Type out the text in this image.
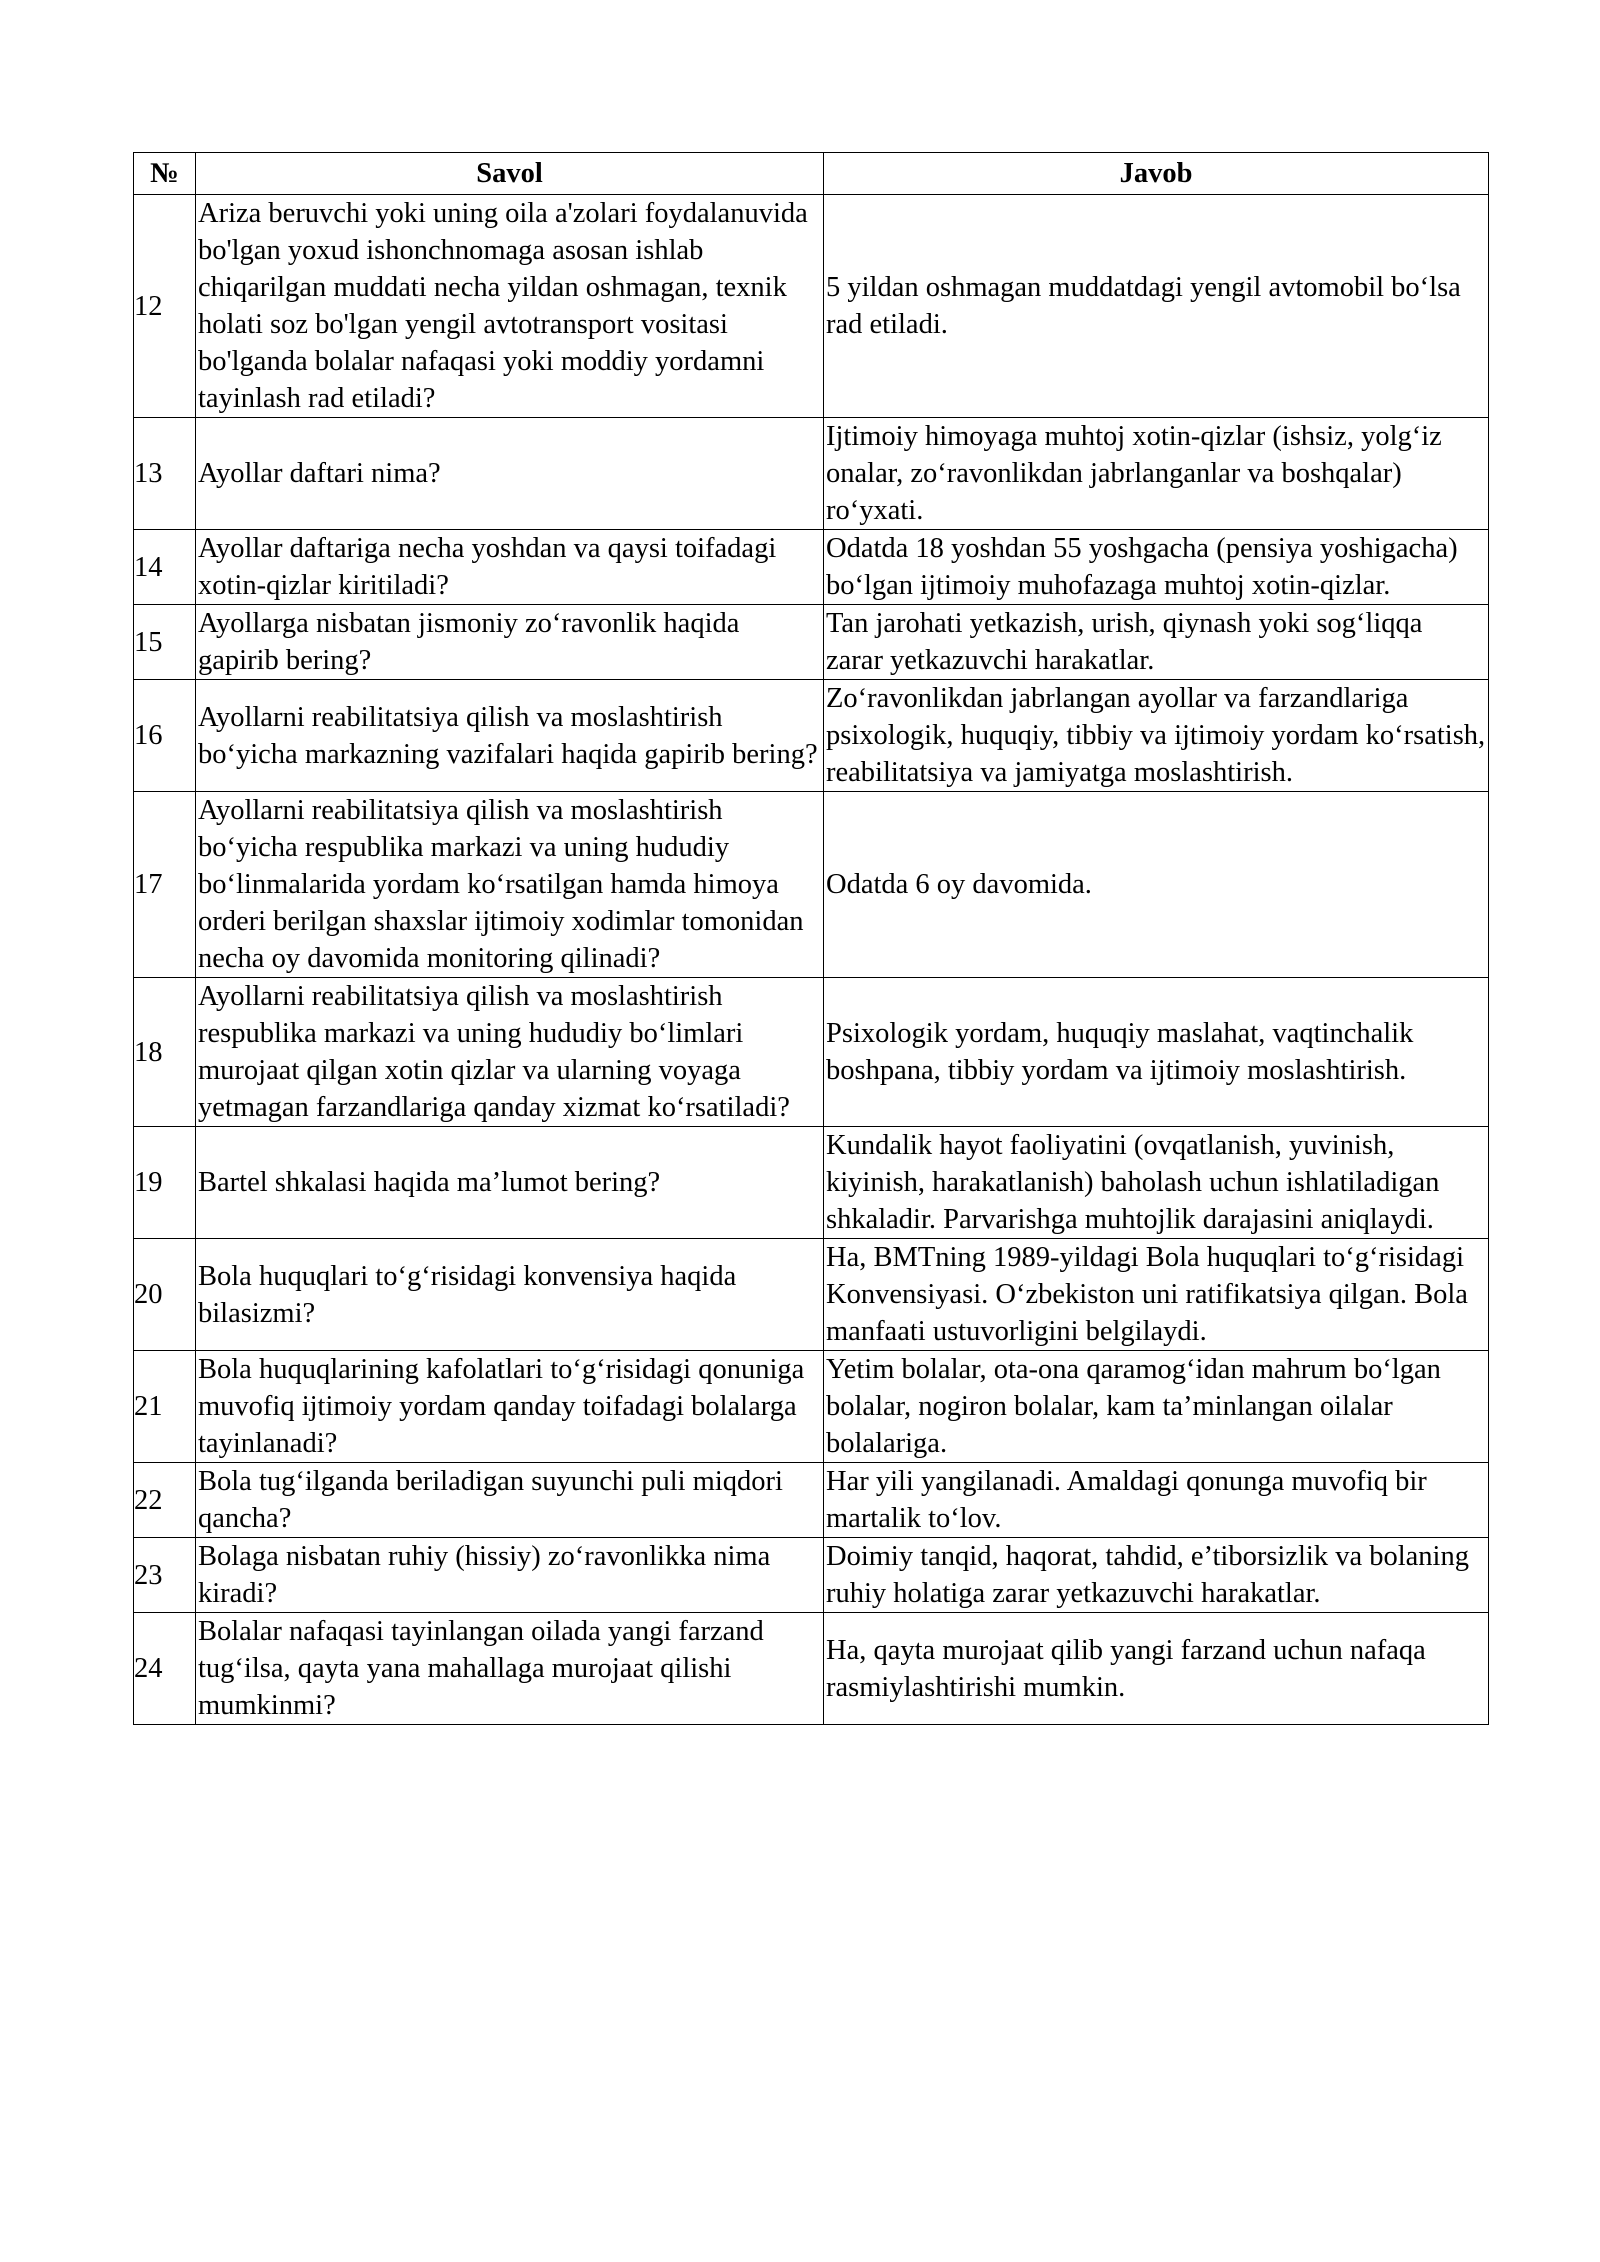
№	Savol	Javob
12	Ariza beruvchi yoki uning oila a'zolari foydalanuvida bo'lgan yoxud ishonchnomaga asosan ishlab chiqarilgan muddati necha yildan oshmagan, texnik holati soz bo'lgan yengil avtotransport vositasi bo'lganda bolalar nafaqasi yoki moddiy yordamni tayinlash rad etiladi?	5 yildan oshmagan muddatdagi yengil avtomobil bo‘lsa rad etiladi.
13	Ayollar daftari nima?	Ijtimoiy himoyaga muhtoj xotin-qizlar (ishsiz, yolg‘iz onalar, zo‘ravonlikdan jabrlanganlar va boshqalar) ro‘yxati.
14	Ayollar daftariga necha yoshdan va qaysi toifadagi xotin-qizlar kiritiladi?	Odatda 18 yoshdan 55 yoshgacha (pensiya yoshigacha) bo‘lgan ijtimoiy muhofazaga muhtoj xotin-qizlar.
15	Ayollarga nisbatan jismoniy zo‘ravonlik haqida gapirib bering?	Tan jarohati yetkazish, urish, qiynash yoki sog‘liqqa zarar yetkazuvchi harakatlar.
16	Ayollarni reabilitatsiya qilish va moslashtirish bo‘yicha markazning vazifalari haqida gapirib bering?	Zo‘ravonlikdan jabrlangan ayollar va farzandlariga psixologik, huquqiy, tibbiy va ijtimoiy yordam ko‘rsatish, reabilitatsiya va jamiyatga moslashtirish.
17	Ayollarni reabilitatsiya qilish va moslashtirish bo‘yicha respublika markazi va uning hududiy bo‘linmalarida yordam ko‘rsatilgan hamda himoya orderi berilgan shaxslar ijtimoiy xodimlar tomonidan necha oy davomida monitoring qilinadi?	Odatda 6 oy davomida.
18	Ayollarni reabilitatsiya qilish va moslashtirish respublika markazi va uning hududiy bo‘limlari murojaat qilgan xotin qizlar va ularning voyaga yetmagan farzandlariga qanday xizmat ko‘rsatiladi?	Psixologik yordam, huquqiy maslahat, vaqtinchalik boshpana, tibbiy yordam va ijtimoiy moslashtirish.
19	Bartel shkalasi haqida ma’lumot bering?	Kundalik hayot faoliyatini (ovqatlanish, yuvinish, kiyinish, harakatlanish) baholash uchun ishlatiladigan shkaladir. Parvarishga muhtojlik darajasini aniqlaydi.
20	Bola huquqlari to‘g‘risidagi konvensiya haqida bilasizmi?	Ha, BMTning 1989-yildagi Bola huquqlari to‘g‘risidagi Konvensiyasi. O‘zbekiston uni ratifikatsiya qilgan. Bola manfaati ustuvorligini belgilaydi.
21	Bola huquqlarining kafolatlari to‘g‘risidagi qonuniga muvofiq ijtimoiy yordam qanday toifadagi bolalarga tayinlanadi?	Yetim bolalar, ota-ona qaramog‘idan mahrum bo‘lgan bolalar, nogiron bolalar, kam ta’minlangan oilalar bolalariga.
22	Bola tug‘ilganda beriladigan suyunchi puli miqdori qancha?	Har yili yangilanadi. Amaldagi qonunga muvofiq bir martalik to‘lov.
23	Bolaga nisbatan ruhiy (hissiy) zo‘ravonlikka nima kiradi?	Doimiy tanqid, haqorat, tahdid, e’tiborsizlik va bolaning ruhiy holatiga zarar yetkazuvchi harakatlar.
24	Bolalar nafaqasi tayinlangan oilada yangi farzand tug‘ilsa, qayta yana mahallaga murojaat qilishi mumkinmi?	Ha, qayta murojaat qilib yangi farzand uchun nafaqa rasmiylashtirishi mumkin.
